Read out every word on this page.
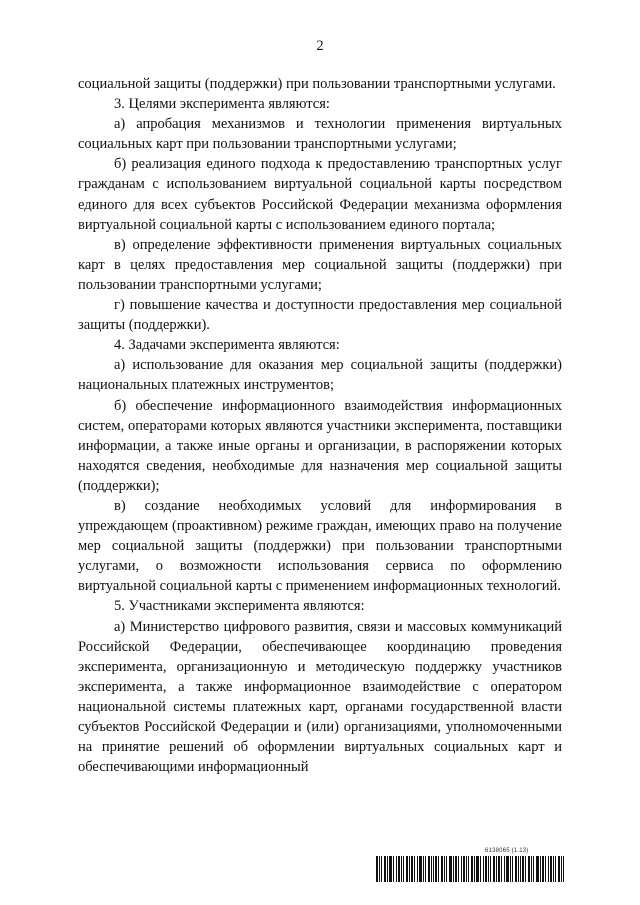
2

социальной защиты (поддержки) при пользовании транспортными услугами.

3. Целями эксперимента являются:

а) апробация механизмов и технологии применения виртуальных социальных карт при пользовании транспортными услугами;

б) реализация единого подхода к предоставлению транспортных услуг гражданам с использованием виртуальной социальной карты посредством единого для всех субъектов Российской Федерации механизма оформления виртуальной социальной карты с использованием единого портала;

в) определение эффективности применения виртуальных социальных карт в целях предоставления мер социальной защиты (поддержки) при пользовании транспортными услугами;

г) повышение качества и доступности предоставления мер социальной защиты (поддержки).

4. Задачами эксперимента являются:

а) использование для оказания мер социальной защиты (поддержки) национальных платежных инструментов;

б) обеспечение информационного взаимодействия информационных систем, операторами которых являются участники эксперимента, поставщики информации, а также иные органы и организации, в распоряжении которых находятся сведения, необходимые для назначения мер социальной защиты (поддержки);

в) создание необходимых условий для информирования в упреждающем (проактивном) режиме граждан, имеющих право на получение мер социальной защиты (поддержки) при пользовании транспортными услугами, о возможности использования сервиса по оформлению виртуальной социальной карты с применением информационных технологий.

5. Участниками эксперимента являются:

а) Министерство цифрового развития, связи и массовых коммуникаций Российской Федерации, обеспечивающее координацию проведения эксперимента, организационную и методическую поддержку участников эксперимента, а также информационное взаимодействие с оператором национальной системы платежных карт, органами государственной власти субъектов Российской Федерации и (или) организациями, уполномоченными на принятие решений об оформлении виртуальных социальных карт и обеспечивающими информационный

6138065 (1.13)
